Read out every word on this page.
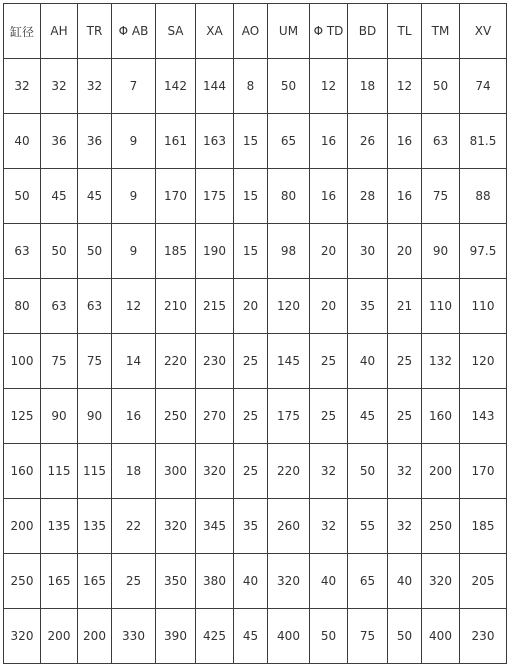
缸径	AH	TR	Φ AB	SA	XA	AO	UM	Φ TD	BD	TL	TM	XV
32	32	32	7	142	144	8	50	12	18	12	50	74
40	36	36	9	161	163	15	65	16	26	16	63	81.5
50	45	45	9	170	175	15	80	16	28	16	75	88
63	50	50	9	185	190	15	98	20	30	20	90	97.5
80	63	63	12	210	215	20	120	20	35	21	110	110
100	75	75	14	220	230	25	145	25	40	25	132	120
125	90	90	16	250	270	25	175	25	45	25	160	143
160	115	115	18	300	320	25	220	32	50	32	200	170
200	135	135	22	320	345	35	260	32	55	32	250	185
250	165	165	25	350	380	40	320	40	65	40	320	205
320	200	200	330	390	425	45	400	50	75	50	400	230
